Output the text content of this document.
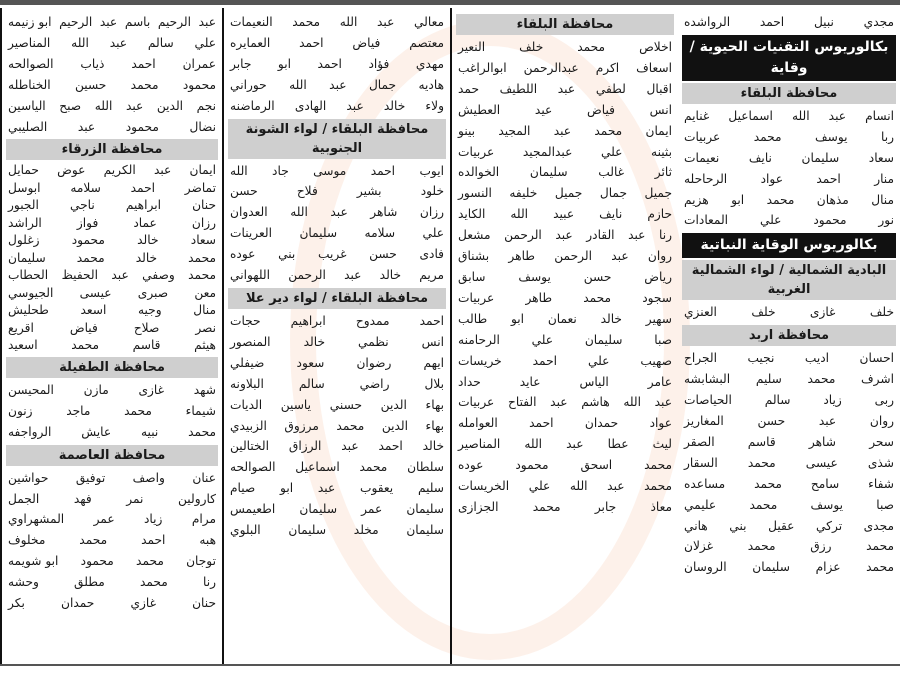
مجدي
نبيل
احمد
الرواشده
بكالوريوس التقنيات الحيوية / وقاية
محافظة البلقاء
انسام
عبد
الله
اسماعيل
غنايم
ربا
يوسف
محمد
عربيات
سعاد
سليمان
نايف
نعيمات
منار
احمد
عواد
الرحاحله
منال
مذهان
محمد
ابو
هزيم
نور
محمود
علي
المعادات
بكالوريوس الوقاية النباتية
البادية الشمالية / لواء الشمالية الغربية
خلف
غازى
خلف
العنزي
محافظة اربد
احسان
اديب
نجيب
الجراح
اشرف
محمد
سليم
البشابشه
ربى
زياد
سالم
الحياصات
روان
عبد
حسن
المغاريز
سحر
شاهر
قاسم
الصقر
شذى
عيسى
محمد
السقار
شفاء
سامح
محمد
مساعده
صبا
يوسف
محمد
عليمي
مجدى
تركي
عقيل
بني
هاني
محمد
رزق
محمد
غزلان
محمد
عزام
سليمان
الروسان
محافظة البلقاء
اخلاص
محمد
خلف
النعير
اسعاف
اكرم
عبدالرحمن
ابوالراغب
اقبال
لطفي
عبد
اللطيف
حمد
انس
فياض
عيد
العطيش
ايمان
محمد
عبد
المجيد
بينو
بثينه
علي
عبدالمجيد
عربيات
ثائر
غالب
سليمان
الخوالده
جميل
جمال
جميل
خليفه
النسور
حازم
نايف
عبيد
الله
الكايد
رنا
عبد
القادر
عبد
الرحمن
مشعل
روان
عبد
الرحمن
طاهر
بشناق
رياض
حسن
يوسف
سابق
سجود
محمد
طاهر
عربيات
سهير
خالد
نعمان
ابو
طالب
صبا
سليمان
علي
الرحامنه
صهيب
علي
احمد
خريسات
عامر
الياس
عايد
حداد
عبد
الله
هاشم
عبد
الفتاح
عربيات
عواد
حمدان
احمد
العوامله
ليث
عطا
عبد
الله
المناصير
محمد
اسحق
محمود
عوده
محمد
عبد
الله
علي
الخريسات
معاذ
جابر
محمد
الجزازى
معالي
عبد
الله
محمد
النعيمات
معتصم
فياض
احمد
العمايره
مهدي
فؤاد
احمد
ابو
جابر
هاديه
جمال
عبد
الله
حوراني
ولاء
خالد
عبد
الهادى
الرماضنه
محافظة البلقاء / لواء الشونة الجنوبية
ايوب
احمد
موسى
جاد
الله
خلود
بشير
فلاح
حسن
رزان
شاهر
عبد
الله
العدوان
علي
سلامه
سليمان
العرينات
فادى
حسن
غريب
بني
عوده
مريم
خالد
عبد
الرحمن
اللهواني
محافظة البلقاء / لواء دير علا
احمد
ممدوح
ابراهيم
حجات
انس
نظمي
خالد
المنصور
ايهم
رضوان
سعود
ضيفلي
بلال
راضي
سالم
البلاونه
بهاء
الدين
حسني
ياسين
الديات
بهاء
الدين
محمد
مرزوق
الزبيدي
خالد
احمد
عبد
الرزاق
الختالين
سلطان
محمد
اسماعيل
الصوالحه
سليم
يعقوب
عبد
ابو
صيام
سليمان
عمر
سليمان
اطعيمس
سليمان
مخلد
سليمان
البلوي
عبد
الرحيم
باسم
عبد
الرحيم
ابو زنيمه
علي
سالم
عبد
الله
المناصير
عمران
احمد
ذياب
الصوالحه
محمود
محمد
حسين
الخناطله
نجم
الدين
عبد
الله
صبح
الياسين
نضال
محمود
عبد
الصليبي
محافظة الزرقاء
ايمان
عبد
الكريم
عوض
حمايل
تماضر
احمد
سلامه
ابوسل
حنان
ابراهيم
ناجي
الجبور
رزان
عماد
فواز
الراشد
سعاد
خالد
محمود
زغلول
محمد
خالد
محمد
سليمان
محمد
وصفي
عبد
الحفيظ
الحطاب
معن
صبرى
عيسى
الجيوسي
منال
وجيه
اسعد
طحليش
نصر
صلاح
فياض
اقريع
هيثم
قاسم
محمد
اسعيد
محافظة الطفيلة
شهد
غازى
مازن
المحيسن
شيماء
محمد
ماجد
زنون
محمد
نبيه
عايش
الرواجفه
محافظة العاصمة
عنان
واصف
توفيق
حواشين
كارولين
نمر
فهد
الجمل
مرام
زياد
عمر
المشهراوي
هبه
احمد
محمد
مخلوف
توجان
محمد
محمود
ابو شويمه
رنا
محمد
مطلق
وحشه
حنان
غازي
حمدان
بكر
